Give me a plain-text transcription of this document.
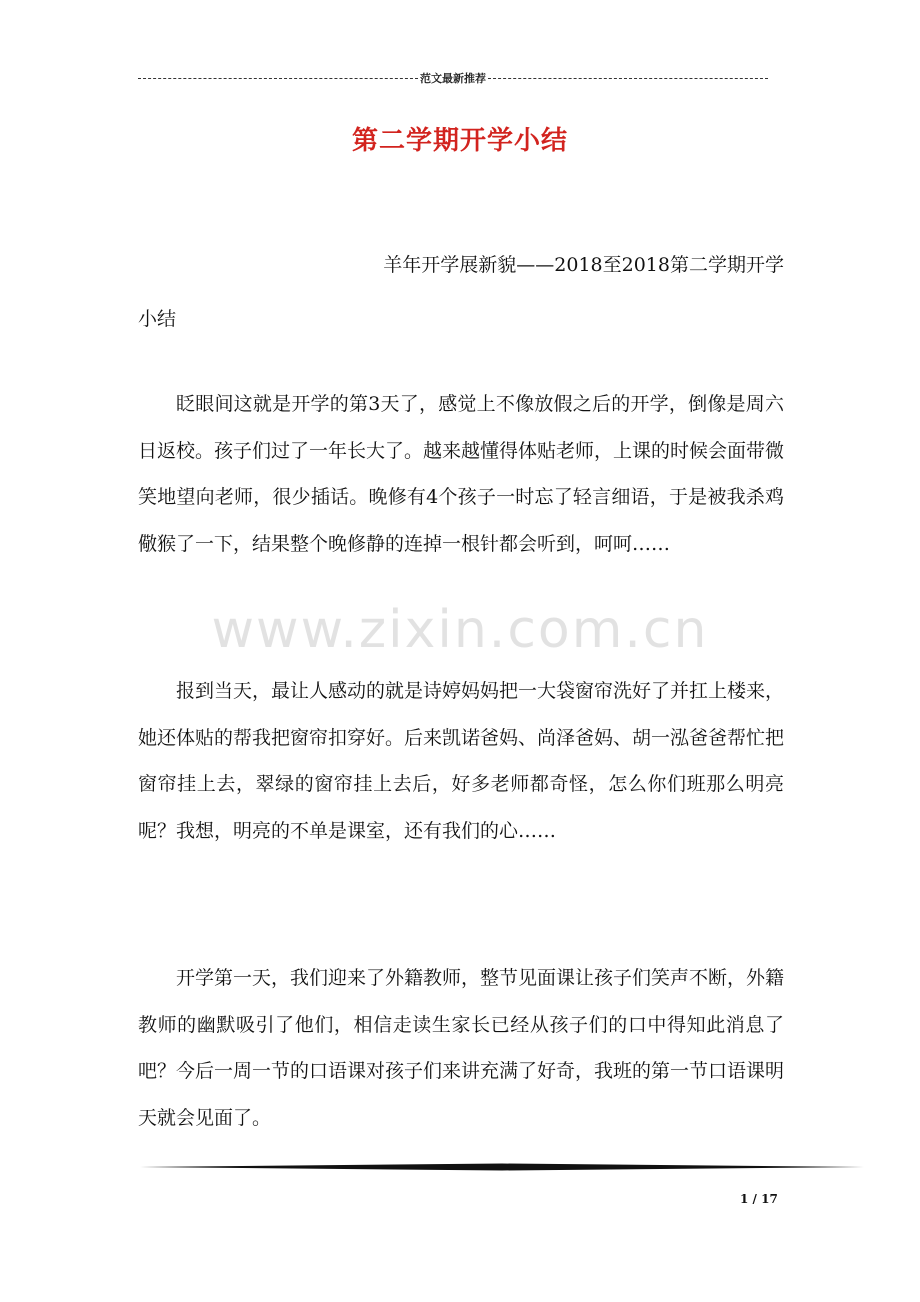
范文最新推荐
第二学期开学小结
羊年开学展新貌——2018至2018第二学期开学
小结

眨眼间这就是开学的第3天了，感觉上不像放假之后的开学，倒像是周六日返校。孩子们过了一年长大了。越来越懂得体贴老师，上课的时候会面带微笑地望向老师，很少插话。晚修有4个孩子一时忘了轻言细语，于是被我杀鸡儆猴了一下，结果整个晚修静的连掉一根针都会听到，呵呵……

www.zixin.com.cn

报到当天，最让人感动的就是诗婷妈妈把一大袋窗帘洗好了并扛上楼来，她还体贴的帮我把窗帘扣穿好。后来凯诺爸妈、尚泽爸妈、胡一泓爸爸帮忙把窗帘挂上去，翠绿的窗帘挂上去后，好多老师都奇怪，怎么你们班那么明亮呢？我想，明亮的不单是课室，还有我们的心……

开学第一天，我们迎来了外籍教师，整节见面课让孩子们笑声不断，外籍教师的幽默吸引了他们，相信走读生家长已经从孩子们的口中得知此消息了吧？今后一周一节的口语课对孩子们来讲充满了好奇，我班的第一节口语课明天就会见面了。

1 / 17
